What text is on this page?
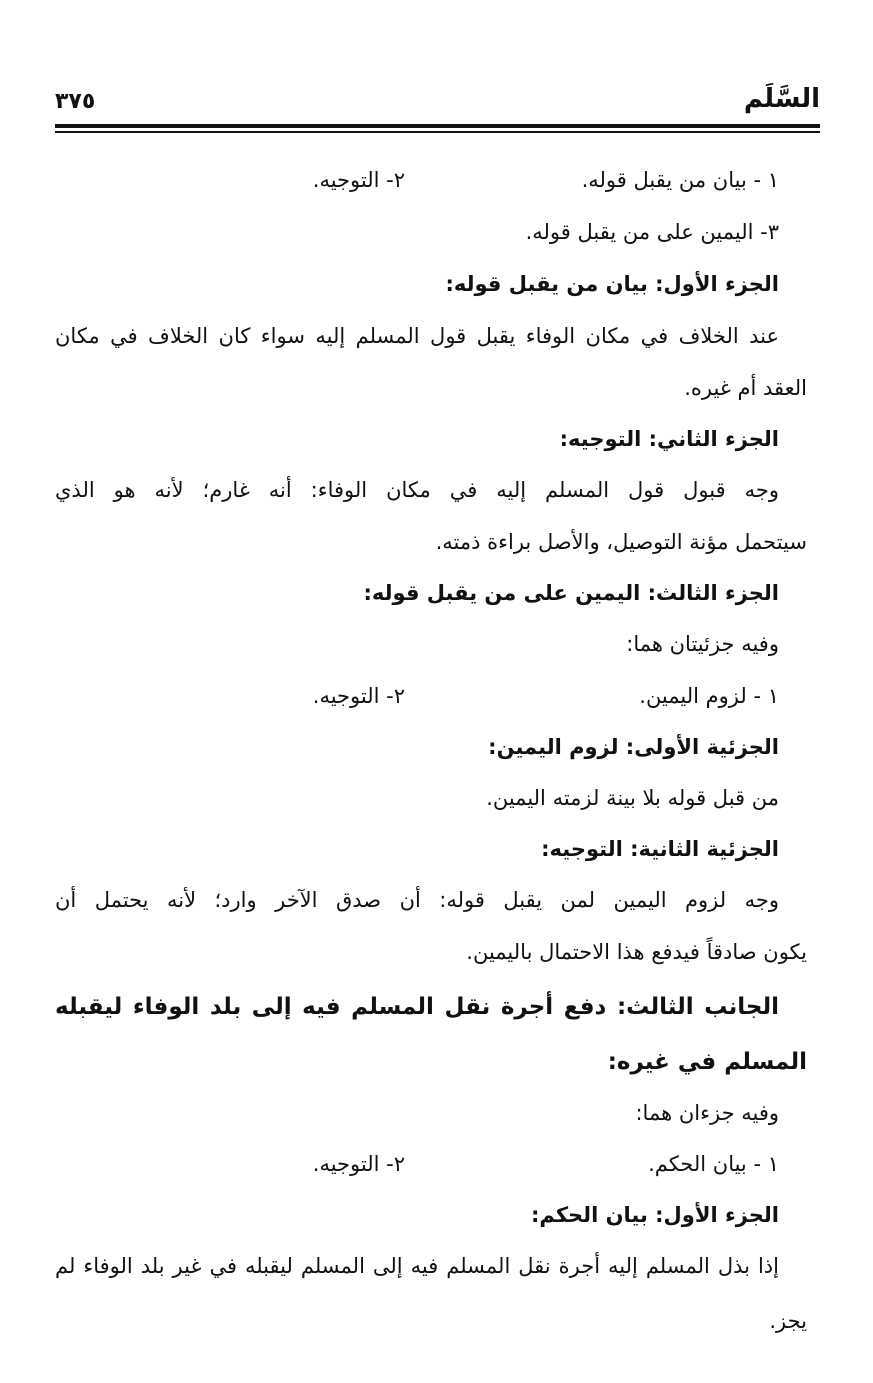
السَّلَم
٣٧٥
١ - بيان من يقبل قوله.
٢- التوجيه.
٣- اليمين على من يقبل قوله.
الجزء الأول: بيان من يقبل قوله:
عند الخلاف في مكان الوفاء يقبل قول المسلم إليه سواء كان الخلاف في مكان
العقد أم غيره.
الجزء الثاني: التوجيه:
وجه قبول قول المسلم إليه في مكان الوفاء: أنه غارم؛ لأنه هو الذي
سيتحمل مؤنة التوصيل، والأصل براءة ذمته.
الجزء الثالث: اليمين على من يقبل قوله:
وفيه جزئيتان هما:
١ - لزوم اليمين.
٢- التوجيه.
الجزئية الأولى: لزوم اليمين:
من قبل قوله بلا بينة لزمته اليمين.
الجزئية الثانية: التوجيه:
وجه لزوم اليمين لمن يقبل قوله: أن صدق الآخر وارد؛ لأنه يحتمل أن
يكون صادقاً فيدفع هذا الاحتمال باليمين.
الجانب الثالث: دفع أجرة نقل المسلم فيه إلى بلد الوفاء ليقبله
المسلم في غيره:
وفيه جزءان هما:
١ - بيان الحكم.
٢- التوجيه.
الجزء الأول: بيان الحكم:
إذا بذل المسلم إليه أجرة نقل المسلم فيه إلى المسلم ليقبله في غير بلد الوفاء لم
يجز.
